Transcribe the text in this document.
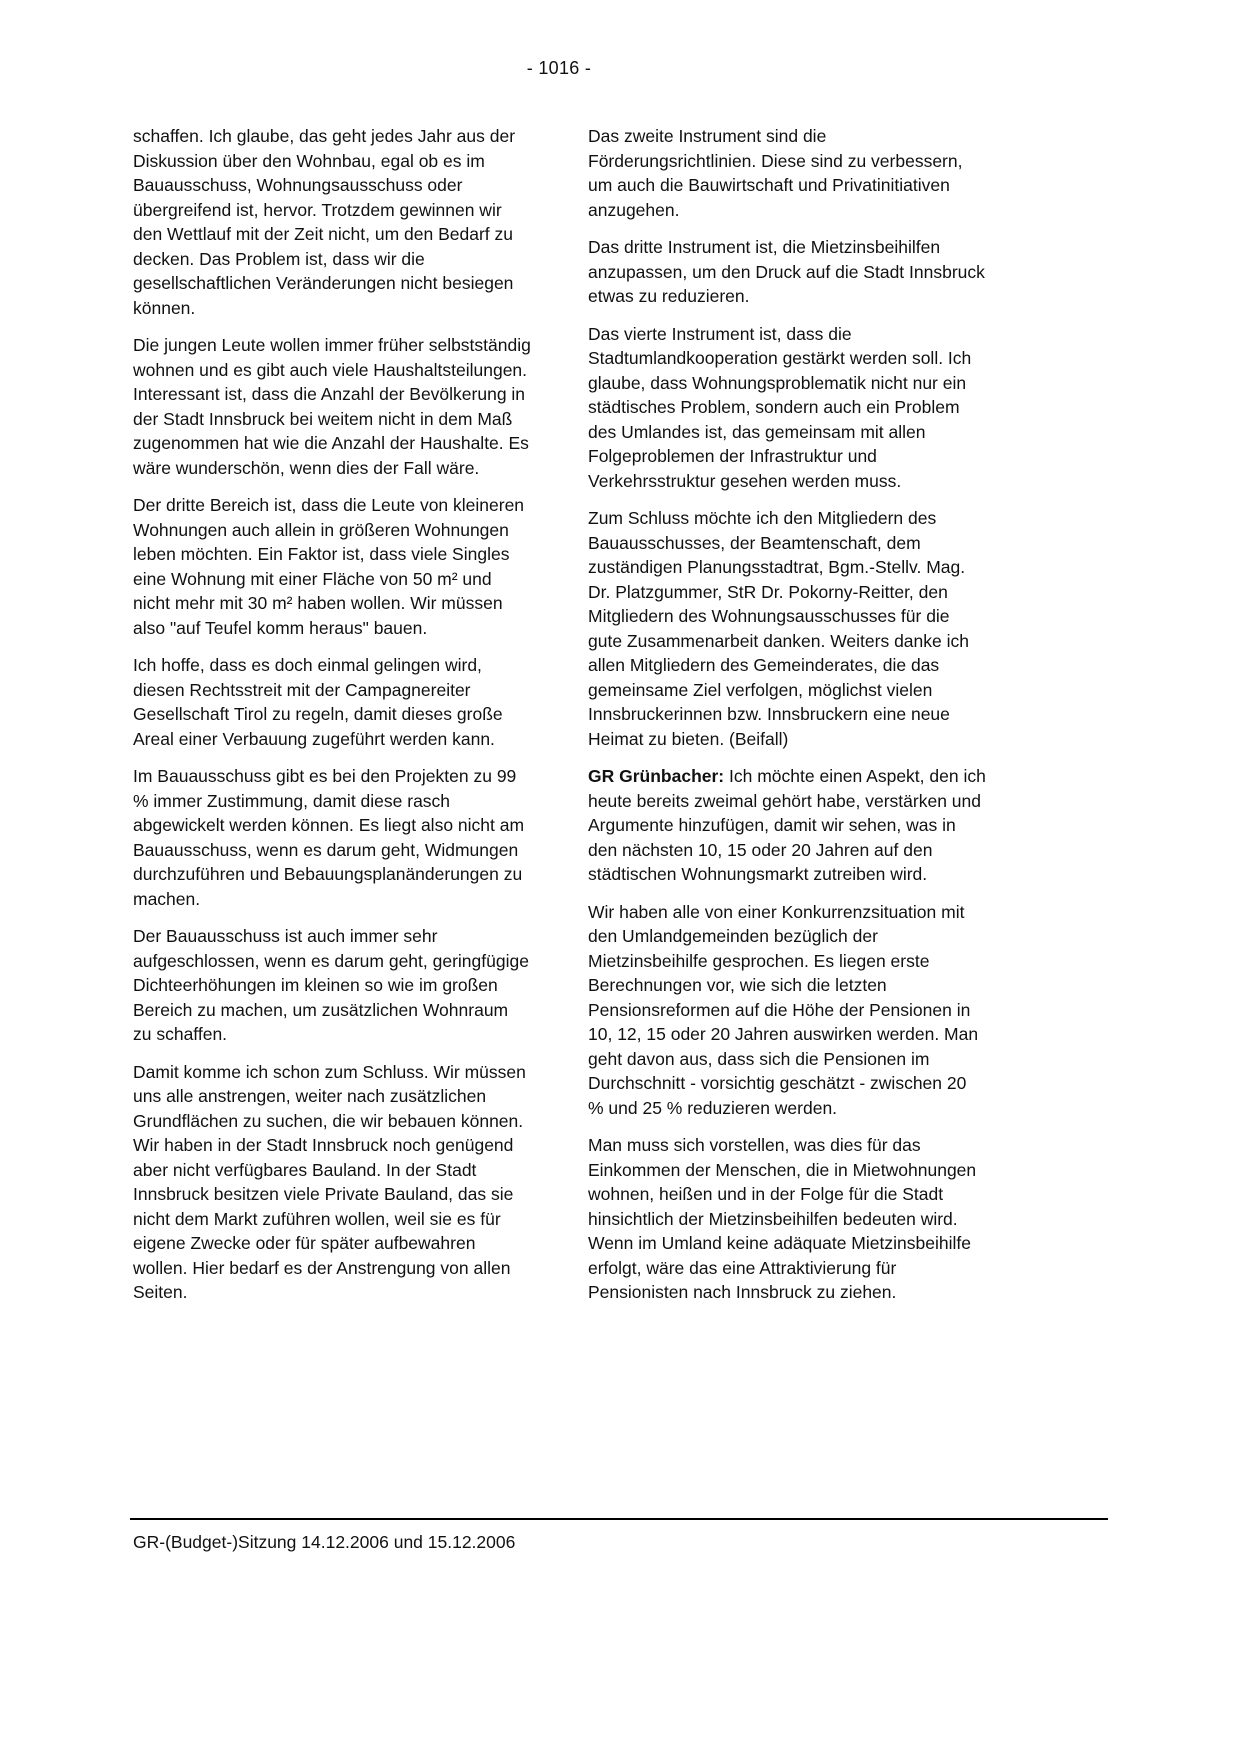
- 1016 -

schaffen. Ich glaube, das geht jedes Jahr aus der Diskussion über den Wohnbau, egal ob es im Bauausschuss, Wohnungsausschuss oder übergreifend ist, hervor. Trotzdem gewinnen wir den Wettlauf mit der Zeit nicht, um den Bedarf zu decken. Das Problem ist, dass wir die gesellschaftlichen Veränderungen nicht besiegen können.

Die jungen Leute wollen immer früher selbstständig wohnen und es gibt auch viele Haushaltsteilungen. Interessant ist, dass die Anzahl der Bevölkerung in der Stadt Innsbruck bei weitem nicht in dem Maß zugenommen hat wie die Anzahl der Haushalte. Es wäre wunderschön, wenn dies der Fall wäre.

Der dritte Bereich ist, dass die Leute von kleineren Wohnungen auch allein in größeren Wohnungen leben möchten. Ein Faktor ist, dass viele Singles eine Wohnung mit einer Fläche von 50 m² und nicht mehr mit 30 m² haben wollen. Wir müssen also "auf Teufel komm heraus" bauen.

Ich hoffe, dass es doch einmal gelingen wird, diesen Rechtsstreit mit der Campagnereiter Gesellschaft Tirol zu regeln, damit dieses große Areal einer Verbauung zugeführt werden kann.

Im Bauausschuss gibt es bei den Projekten zu 99 % immer Zustimmung, damit diese rasch abgewickelt werden können. Es liegt also nicht am Bauausschuss, wenn es darum geht, Widmungen durchzuführen und Bebauungsplanänderungen zu machen.

Der Bauausschuss ist auch immer sehr aufgeschlossen, wenn es darum geht, geringfügige Dichteerhöhungen im kleinen so wie im großen Bereich zu machen, um zusätzlichen Wohnraum zu schaffen.

Damit komme ich schon zum Schluss. Wir müssen uns alle anstrengen, weiter nach zusätzlichen Grundflächen zu suchen, die wir bebauen können. Wir haben in der Stadt Innsbruck noch genügend aber nicht verfügbares Bauland. In der Stadt Innsbruck besitzen viele Private Bauland, das sie nicht dem Markt zuführen wollen, weil sie es für eigene Zwecke oder für später aufbewahren wollen. Hier bedarf es der Anstrengung von allen Seiten.

Das zweite Instrument sind die Förderungsrichtlinien. Diese sind zu verbessern, um auch die Bauwirtschaft und Privatinitiativen anzugehen.

Das dritte Instrument ist, die Mietzinsbeihilfen anzupassen, um den Druck auf die Stadt Innsbruck etwas zu reduzieren.

Das vierte Instrument ist, dass die Stadtumlandkooperation gestärkt werden soll. Ich glaube, dass Wohnungsproblematik nicht nur ein städtisches Problem, sondern auch ein Problem des Umlandes ist, das gemeinsam mit allen Folgeproblemen der Infrastruktur und Verkehrsstruktur gesehen werden muss.

Zum Schluss möchte ich den Mitgliedern des Bauausschusses, der Beamtenschaft, dem zuständigen Planungsstadtrat, Bgm.-Stellv. Mag. Dr. Platzgummer, StR Dr. Pokorny-Reitter, den Mitgliedern des Wohnungsausschusses für die gute Zusammenarbeit danken. Weiters danke ich allen Mitgliedern des Gemeinderates, die das gemeinsame Ziel verfolgen, möglichst vielen Innsbruckerinnen bzw. Innsbruckern eine neue Heimat zu bieten. (Beifall)

GR Grünbacher: Ich möchte einen Aspekt, den ich heute bereits zweimal gehört habe, verstärken und Argumente hinzufügen, damit wir sehen, was in den nächsten 10, 15 oder 20 Jahren auf den städtischen Wohnungsmarkt zutreiben wird.

Wir haben alle von einer Konkurrenzsituation mit den Umlandgemeinden bezüglich der Mietzinsbeihilfe gesprochen. Es liegen erste Berechnungen vor, wie sich die letzten Pensionsreformen auf die Höhe der Pensionen in 10, 12, 15 oder 20 Jahren auswirken werden. Man geht davon aus, dass sich die Pensionen im Durchschnitt - vorsichtig geschätzt - zwischen 20 % und 25 % reduzieren werden.

Man muss sich vorstellen, was dies für das Einkommen der Menschen, die in Mietwohnungen wohnen, heißen und in der Folge für die Stadt hinsichtlich der Mietzinsbeihilfen bedeuten wird. Wenn im Umland keine adäquate Mietzinsbeihilfe erfolgt, wäre das eine Attraktivierung für Pensionisten nach Innsbruck zu ziehen.

GR-(Budget-)Sitzung 14.12.2006 und 15.12.2006
